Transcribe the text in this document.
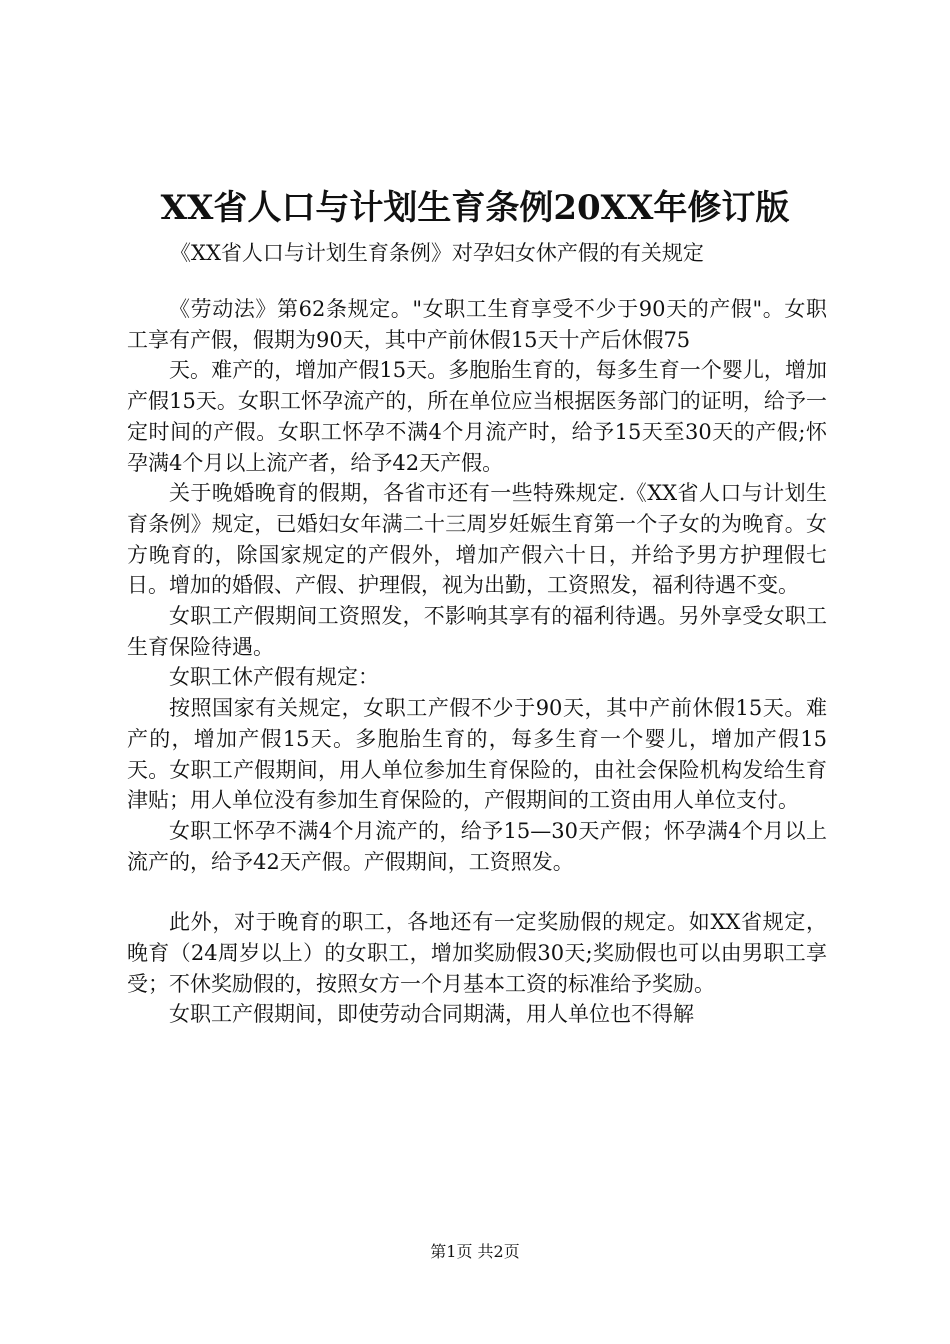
XX省人口与计划生育条例20XX年修订版
《XX省人口与计划生育条例》对孕妇女休产假的有关规定

《劳动法》第62条规定。"女职工生育享受不少于90天的产假"。女职工享有产假，假期为90天，其中产前休假15天十产后休假75

天。难产的，增加产假15天。多胞胎生育的，每多生育一个婴儿，增加产假15天。女职工怀孕流产的，所在单位应当根据医务部门的证明，给予一定时间的产假。女职工怀孕不满4个月流产时，给予15天至30天的产假;怀孕满4个月以上流产者，给予42天产假。

关于晚婚晚育的假期，各省市还有一些特殊规定.《XX省人口与计划生育条例》规定，已婚妇女年满二十三周岁妊娠生育第一个子女的为晚育。女方晚育的，除国家规定的产假外，增加产假六十日，并给予男方护理假七日。增加的婚假、产假、护理假，视为出勤，工资照发，福利待遇不变。

女职工产假期间工资照发，不影响其享有的福利待遇。另外享受女职工生育保险待遇。

女职工休产假有规定：

按照国家有关规定，女职工产假不少于90天，其中产前休假15天。难产的，增加产假15天。多胞胎生育的，每多生育一个婴儿，增加产假15天。女职工产假期间，用人单位参加生育保险的，由社会保险机构发给生育津贴；用人单位没有参加生育保险的，产假期间的工资由用人单位支付。

女职工怀孕不满4个月流产的，给予15—30天产假；怀孕满4个月以上流产的，给予42天产假。产假期间，工资照发。

此外，对于晚育的职工，各地还有一定奖励假的规定。如XX省规定，晚育（24周岁以上）的女职工，增加奖励假30天;奖励假也可以由男职工享受；不休奖励假的，按照女方一个月基本工资的标准给予奖励。

女职工产假期间，即使劳动合同期满，用人单位也不得解

第1页 共2页
